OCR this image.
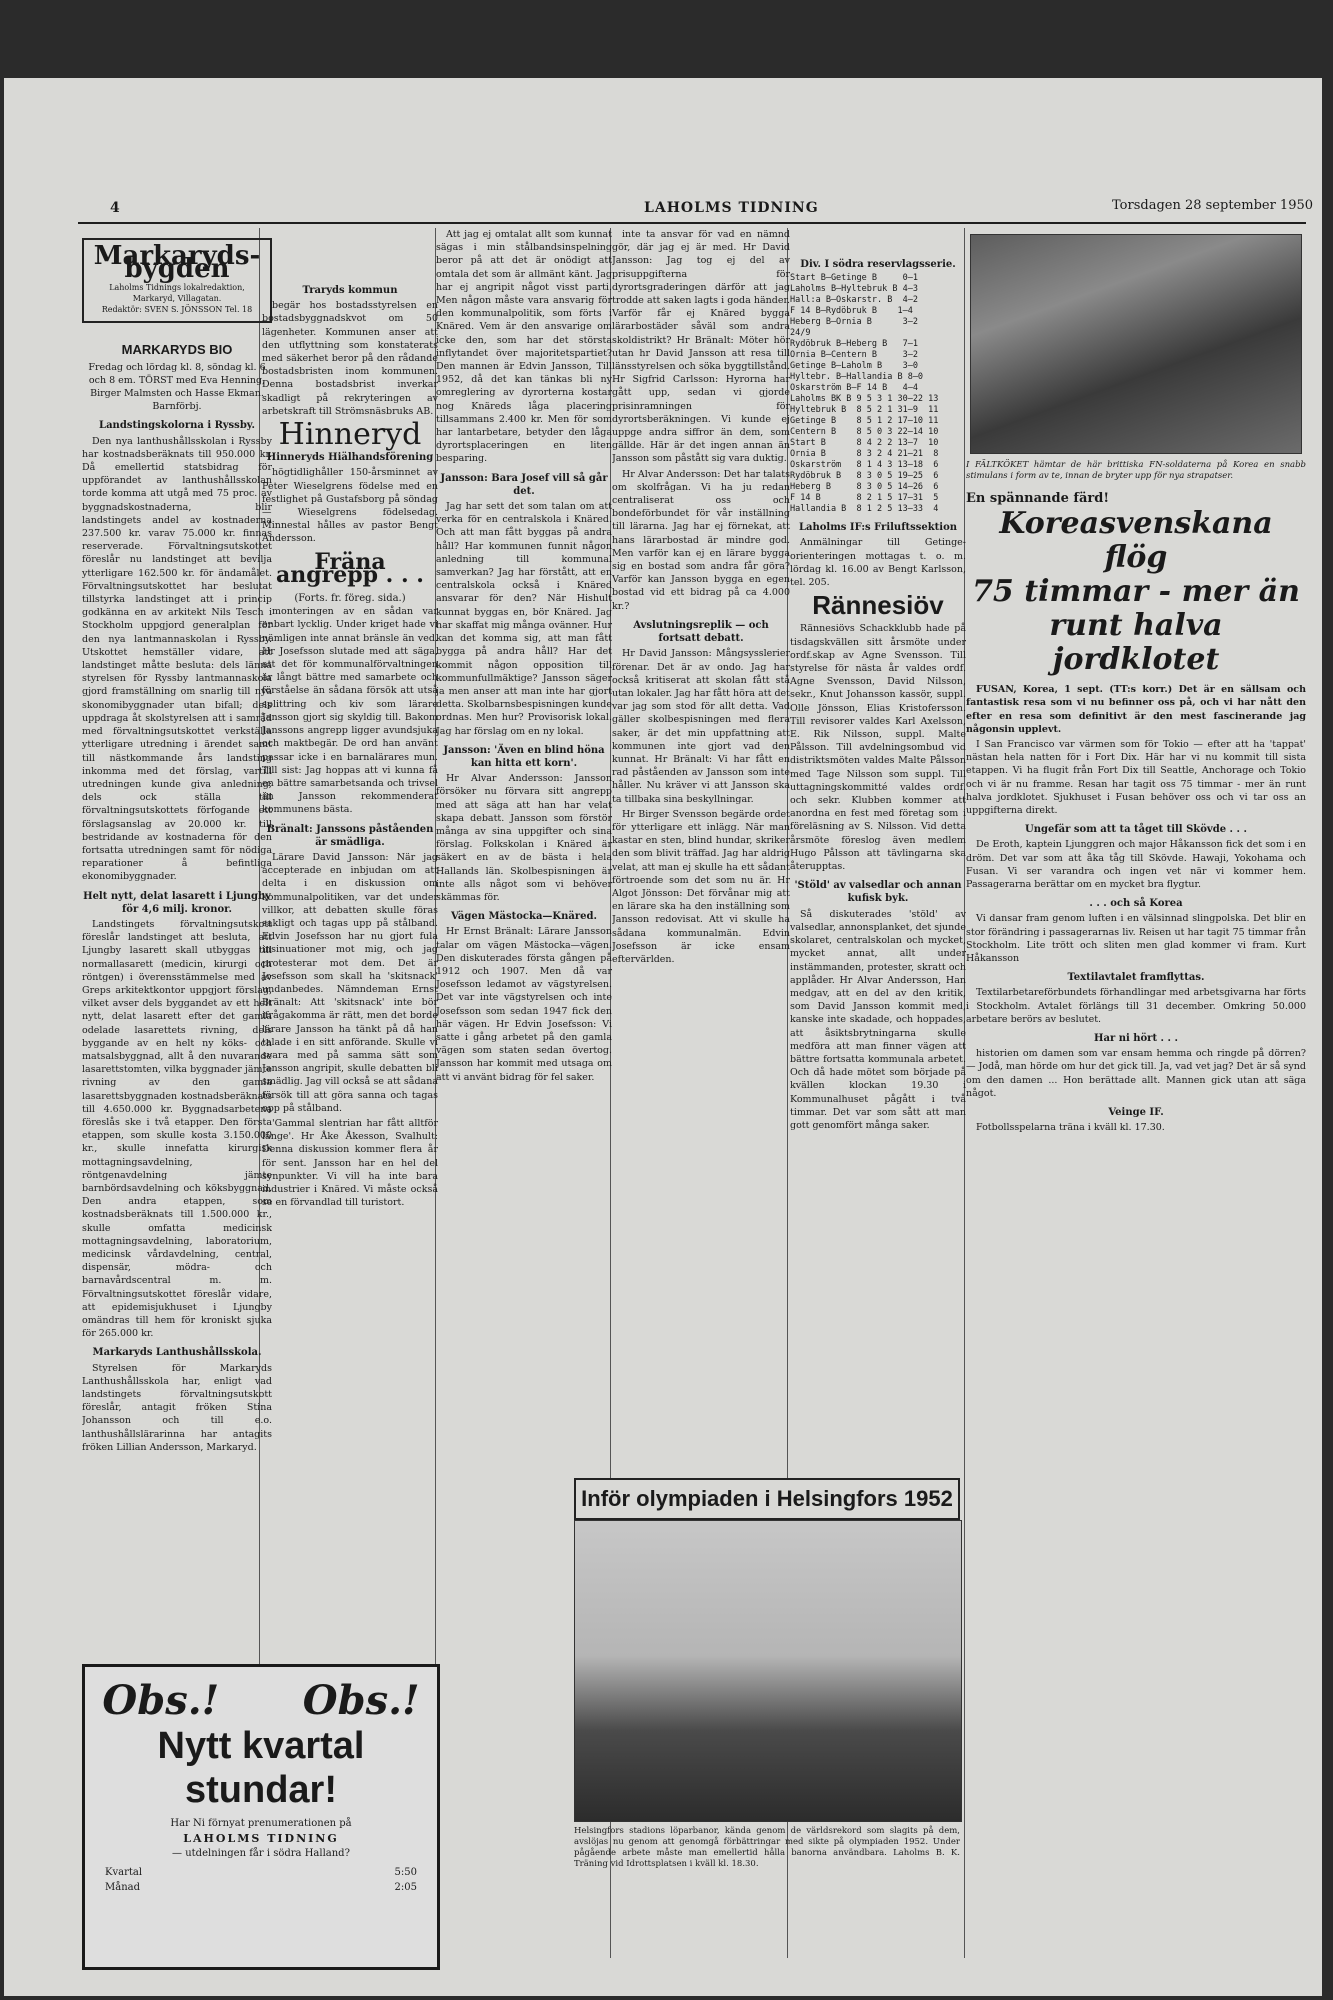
4	LAHOLMS TIDNING	Torsdagen 28 september 1950
Markaryds-bygden
Laholms Tidnings lokalredaktion, Markaryd, Villagatan.
Redaktör: SVEN S. JÖNSSON Tel. 18
MARKARYDS BIO

Fredag och lördag kl. 8, söndag kl. 6 och 8 em. TÖRST med Eva Henning, Birger Malmsten och Hasse Ekman. Barnförbj.

Landstingskolorna i Ryssby.

Den nya lanthushållsskolan i Ryssby har kostnadsberäknats till 950.000 kr. Då emellertid statsbidrag för uppförandet av lanthushållsskolan torde komma att utgå med 75 proc. av byggnadskostnaderna, blir landstingets andel av kostnaderna 237.500 kr. varav 75.000 kr. finnas reserverade. Förvaltningsutskottet föreslår nu landstinget att bevilja ytterligare 162.500 kr. för ändamålet. Förvaltningsutskottet har beslutat tillstyrka landstinget att i princip godkänna en av arkitekt Nils Tesch i Stockholm uppgjord generalplan för den nya lantmannaskolan i Ryssby. Utskottet hemställer vidare, att landstinget måtte besluta: dels länna styrelsen för Ryssby lantmannaskola gjord framställning om snarlig till nya skonomibyggnader utan bifall; dels uppdraga åt skolstyrelsen att i samråd med förvaltningsutskottet verkställa ytterligare utredning i ärendet samt till nästkommande års landsting inkomma med det förslag, vartill utredningen kunde giva anledning; dels ock ställa till förvaltningsutskottets förfogande ett förslagsanslag av 20.000 kr. till bestridande av kostnaderna för den fortsatta utredningen samt för nödiga reparationer å befintliga ekonomibyggnader.

Helt nytt, delat lasarett i Ljungby för 4,6 milj. kronor.

Landstingets förvaltningsutskott föreslår landstinget att besluta, att Ljungby lasarett skall utbyggas till normallasarett (medicin, kirurgi och röntgen) i överensstämmelse med av Greps arkitektkontor uppgjort förslag, vilket avser dels byggandet av ett helt nytt, delat lasarett efter det gamla odelade lasarettets rivning, dels byggande av en helt ny köks- och matsalsbyggnad, allt å den nuvarande lasarettstomten, vilka byggnader jämte rivning av den gamla lasarettsbyggnaden kostnadsberäknats till 4.650.000 kr. Byggnadsarbetena föreslås ske i två etapper. Den första etappen, som skulle kosta 3.150.000 kr., skulle innefatta kirurgisk mottagningsavdelning, röntgenavdelning jämte barnbördsavdelning och köksbyggnad. Den andra etappen, som kostnadsberäknats till 1.500.000 kr., skulle omfatta medicinsk mottagningsavdelning, laboratorium, medicinsk vårdavdelning, central, dispensär, mödra- och barnavårdscentral m. m. Förvaltningsutskottet föreslår vidare, att epidemisjukhuset i Ljungby omändras till hem för kroniskt sjuka för 265.000 kr.

Markaryds Lanthushållsskola.

Styrelsen för Markaryds Lanthushållsskola har, enligt vad landstingets förvaltningsutskott föreslår, antagit fröken Stina Johansson och till e.o. lanthushållslärarinna har antagits fröken Lillian Andersson, Markaryd.

Traryds kommun

begär hos bostadsstyrelsen en bostadsbyggnadskvot om 50 lägenheter. Kommunen anser att den utflyttning som konstaterats med säkerhet beror på den rådande bostadsbristen inom kommunen. Denna bostadsbrist inverkar skadligt på rekryteringen av arbetskraft till Strömsnäsbruks AB.

Hinneryd
Hinneryds Hiälhandsförening

högtidlighåller 150-årsminnet av Peter Wieselgrens födelse med en festlighet på Gustafsborg på söndag — Wieselgrens födelsedag. Minnestal hålles av pastor Bengt Andersson.

Fräna angrepp . . .
(Forts. fr. föreg. sida.)

monteringen av en sådan var enbart lycklig. Under kriget hade vi nämligen inte annat bränsle än ved. Hr Josefsson slutade med att säga, att det för kommunalförvaltningen är långt bättre med samarbete och förståelse än sådana försök att utså splittring och kiv som lärare Jansson gjort sig skyldig till. Bakom Janssons angrepp ligger avundsjuka och maktbegär. De ord han använt passar icke i en barnalärares mun. Till sist: Jag hoppas att vi kunna få en bättre samarbetsanda och trivsel än Jansson rekommenderat kommunens bästa.

Bränalt: Janssons påståenden är smädliga.

Lärare David Jansson: När jag accepterade en inbjudan om att delta i en diskussion om kommunalpolitiken, var det under villkor, att debatten skulle föras sakligt och tagas upp på stålband. Edvin Josefsson har nu gjort fula insinuationer mot mig, och jag protesterar mot dem. Det är Josefsson som skall ha 'skitsnack' undanbedes. Nämndeman Ernst Bränalt: Att 'skitsnack' inte bör ifrågakomma är rätt, men det borde lärare Jansson ha tänkt på då han talade i en sitt anförande. Skulle vi svara med på samma sätt som Jansson angripit, skulle debatten bli smädlig. Jag vill också se att sådana försök till att göra sanna och tagas opp på stålband.

'Gammal slentrian har fått alltför länge'. Hr Åke Åkesson, Svalhult: Denna diskussion kommer flera år för sent. Jansson har en hel del synpunkter. Vi vill ha inte bara industrier i Knäred. Vi måste också se en förvandlad till turistort.

Att jag ej omtalat allt som kunnat sägas i min stålbandsinspelning beror på att det är onödigt att omtala det som är allmänt känt. Jag har ej angripit något visst parti. Men någon måste vara ansvarig för den kommunalpolitik, som förts i Knäred. Vem är den ansvarige om icke den, som har det största inflytandet över majoritetspartiet? Den mannen är Edvin Jansson, Till 1952, då det kan tänkas bli ny omreglering av dyrorterna kostar nog Knäreds låga placering tillsammans 2.400 kr. Men för som har lantarbetare, betyder den låga dyrortsplaceringen en liten besparing.

Jansson: Bara Josef vill så går det.

Jag har sett det som talan om att verka för en centralskola i Knäred. Och att man fått byggas på andra håll? Har kommunen funnit någon anledning till kommunal samverkan? Jag har förstått, att en centralskola också i Knäred ansvarar för den? När Hishult kunnat byggas en, bör Knäred. Jag har skaffat mig många ovänner. Hur kan det komma sig, att man fått bygga på andra håll? Har det kommit någon opposition till kommunfullmäktige? Jansson säger ja men anser att man inte har gjort detta. Skolbarnsbespisningen kunde ordnas. Men hur? Provisorisk lokal. Jag har förslag om en ny lokal.

Jansson: 'Även en blind höna kan hitta ett korn'.

Hr Alvar Andersson: Jansson försöker nu förvara sitt angrepp med att säga att han har velat skapa debatt. Jansson som förstör många av sina uppgifter och sina förslag. Folkskolan i Knäred är säkert en av de bästa i hela Hallands län. Skolbespisningen är inte alls något som vi behöver skämmas för.

Vägen Mästocka—Knäred.

Hr Ernst Bränalt: Lärare Jansson talar om vägen Mästocka—vägen. Den diskuterades första gången på 1912 och 1907. Men då var Josefsson ledamot av vägstyrelsen. Det var inte vägstyrelsen och inte Josefsson som sedan 1947 fick den här vägen. Hr Edvin Josefsson: Vi satte i gång arbetet på den gamla vägen som staten sedan övertog. Jansson har kommit med utsaga om att vi använt bidrag för fel saker.

inte ta ansvar för vad en nämnd gör, där jag ej är med. Hr David Jansson: Jag tog ej del av prisuppgifterna för dyrortsgraderingen därför att jag trodde att saken lagts i goda händer. Varför får ej Knäred bygga lärarbostäder såväl som andra skoldistrikt? Hr Bränalt: Möter hör utan hr David Jansson att resa till länsstyrelsen och söka byggtillstånd. Hr Sigfrid Carlsson: Hyrorna har gått upp, sedan vi gjorde prisinramningen för dyrortsberäkningen. Vi kunde ej uppge andra siffror än dem, som gällde. Här är det ingen annan än Jansson som påstått sig vara duktig.

Hr Alvar Andersson: Det har talats om skolfrågan. Vi ha ju redan centraliserat oss och bondeförbundet för vår inställning till lärarna. Jag har ej förnekat, att hans lärarbostad är mindre god. Men varför kan ej en lärare bygga sig en bostad som andra får göra? Varför kan Jansson bygga en egen bostad vid ett bidrag på ca 4.000 kr.?

Avslutningsreplik — och fortsatt debatt.

Hr David Jansson: Mångsysslerier förenar. Det är av ondo. Jag har också kritiserat att skolan fått stå utan lokaler. Jag har fått höra att det var jag som stod för allt detta. Vad gäller skolbespisningen med flera saker, är det min uppfattning att kommunen inte gjort vad den kunnat. Hr Bränalt: Vi har fått en rad påståenden av Jansson som inte håller. Nu kräver vi att Jansson ska ta tillbaka sina beskyllningar.

Hr Birger Svensson begärde ordet för ytterligare ett inlägg. När man kastar en sten, blind hundar, skriker den som blivit träffad. Jag har aldrig velat, att man ej skulle ha ett sådant förtroende som det som nu är. Hr Algot Jönsson: Det förvånar mig att en lärare ska ha den inställning som Jansson redovisat. Att vi skulle ha sådana kommunalmän. Edvin Josefsson är icke ensam eftervärlden.

Div. I södra reservlagsserie.
Start B—Getinge B     0—1
Laholms B—Hyltebruk B 4—3
Hall:a B—Oskarstr. B  4—2
F 14 B—Rydöbruk B    1—4
Heberg B—Ornia B      3—2
24/9
Rydöbruk B—Heberg B   7—1
Ornia B—Centern B     3—2
Getinge B—Laholm B    3—0
Hyltebr. B—Hallandia B 8—0
Oskarström B—F 14 B   4—4
Laholms BK B 9 5 3 1 30—22 13
Hyltebruk B  8 5 2 1 31—9  11
Getinge B    8 5 1 2 17—10 11
Centern B    8 5 0 3 22—14 10
Start B      8 4 2 2 13—7  10
Ornia B      8 3 2 4 21—21  8
Oskarström   8 1 4 3 13—18  6
Rydöbruk B   8 3 0 5 19—25  6
Heberg B     8 3 0 5 14—26  6
F 14 B       8 2 1 5 17—31  5
Hallandia B  8 1 2 5 13—33  4
Laholms IF:s Friluftssektion

Anmälningar till Getinge-orienteringen mottagas t. o. m. lördag kl. 16.00 av Bengt Karlsson, tel. 205.

Rännesiöv

Rännesiövs Schackklubb hade på tisdagskvällen sitt årsmöte under ordf.skap av Agne Svensson. Till styrelse för nästa år valdes ordf. Agne Svensson, David Nilsson, sekr., Knut Johansson kassör, suppl. Olle Jönsson, Elias Kristofersson. Till revisorer valdes Karl Axelsson, E. Rik Nilsson, suppl. Malte Pålsson. Till avdelningsombud vid distriktsmöten valdes Malte Pålsson med Tage Nilsson som suppl. Till uttagningskommitté valdes ordf. och sekr. Klubben kommer att anordna en fest med företag som i föreläsning av S. Nilsson. Vid detta årsmöte föreslog även medlem Hugo Pålsson att tävlingarna ska återupptas.

'Stöld' av valsedlar och annan kufisk byk.

Så diskuterades 'stöld' av valsedlar, annonsplanket, det sjunde skolaret, centralskolan och mycket, mycket annat, allt under instämmanden, protester, skratt och applåder. Hr Alvar Andersson, Han medgav, att en del av den kritik, som David Jansson kommit med, kanske inte skadade, och hoppades, att åsiktsbrytningarna skulle medföra att man finner vägen att bättre fortsatta kommunala arbetet. Och då hade mötet som började på kvällen klockan 19.30 i Kommunalhuset pågått i två timmar. Det var som sått att man gott genomfört många saker.

I FÄLTKÖKET hämtar de här brittiska FN-soldaterna på Korea en snabb stimulans i form av te, innan de bryter upp för nya strapatser.

En spännande färd!
Koreasvenskana flög
75 timmar - mer än
runt halva jordklotet

FUSAN, Korea, 1 sept. (TT:s korr.) Det är en sällsam och fantastisk resa som vi nu befinner oss på, och vi har nått den efter en resa som definitivt är den mest fascinerande jag någonsin upplevt.

I San Francisco var värmen som för Tokio — efter att ha 'tappat' nästan hela natten för i Fort Dix. Här har vi nu kommit till sista etappen. Vi ha flugit från Fort Dix till Seattle, Anchorage och Tokio och vi är nu framme. Resan har tagit oss 75 timmar - mer än runt halva jordklotet. Sjukhuset i Fusan behöver oss och vi tar oss an uppgifterna direkt.

Ungefär som att ta tåget till Skövde . . .

De Eroth, kaptein Ljunggren och major Håkansson fick det som i en dröm. Det var som att åka tåg till Skövde. Hawaji, Yokohama och Fusan. Vi ser varandra och ingen vet när vi kommer hem. Passagerarna berättar om en mycket bra flygtur.

. . . och så Korea

Vi dansar fram genom luften i en välsinnad slingpolska. Det blir en stor förändring i passagerarnas liv. Reisen ut har tagit 75 timmar från Stockholm. Lite trött och sliten men glad kommer vi fram. Kurt Håkansson

Textilavtalet framflyttas.

Textilarbetareförbundets förhandlingar med arbetsgivarna har förts i Stockholm. Avtalet förlängs till 31 december. Omkring 50.000 arbetare berörs av beslutet.

Har ni hört . . .

historien om damen som var ensam hemma och ringde på dörren? — Jodå, man hörde om hur det gick till. Ja, vad vet jag? Det är så synd om den damen ... Hon berättade allt. Mannen gick utan att säga något.

Veinge IF.

Fotbollsspelarna träna i kväll kl. 17.30.

Inför olympiaden i Helsingfors 1952
Helsingfors stadions löparbanor, kända genom de världsrekord som slagits på dem, avslöjas nu genom att genomgå förbättringar med sikte på olympiaden 1952. Under pågående arbete måste man emellertid hålla banorna användbara. Laholms B. K. Träning vid Idrottsplatsen i kväll kl. 18.30.
Obs.! Obs.!
Nytt kvartal
stundar!
Har Ni förnyat prenumerationen på
LAHOLMS TIDNING
— utdelningen får i södra Halland?
Kvartal	5:50
Månad	2:05
